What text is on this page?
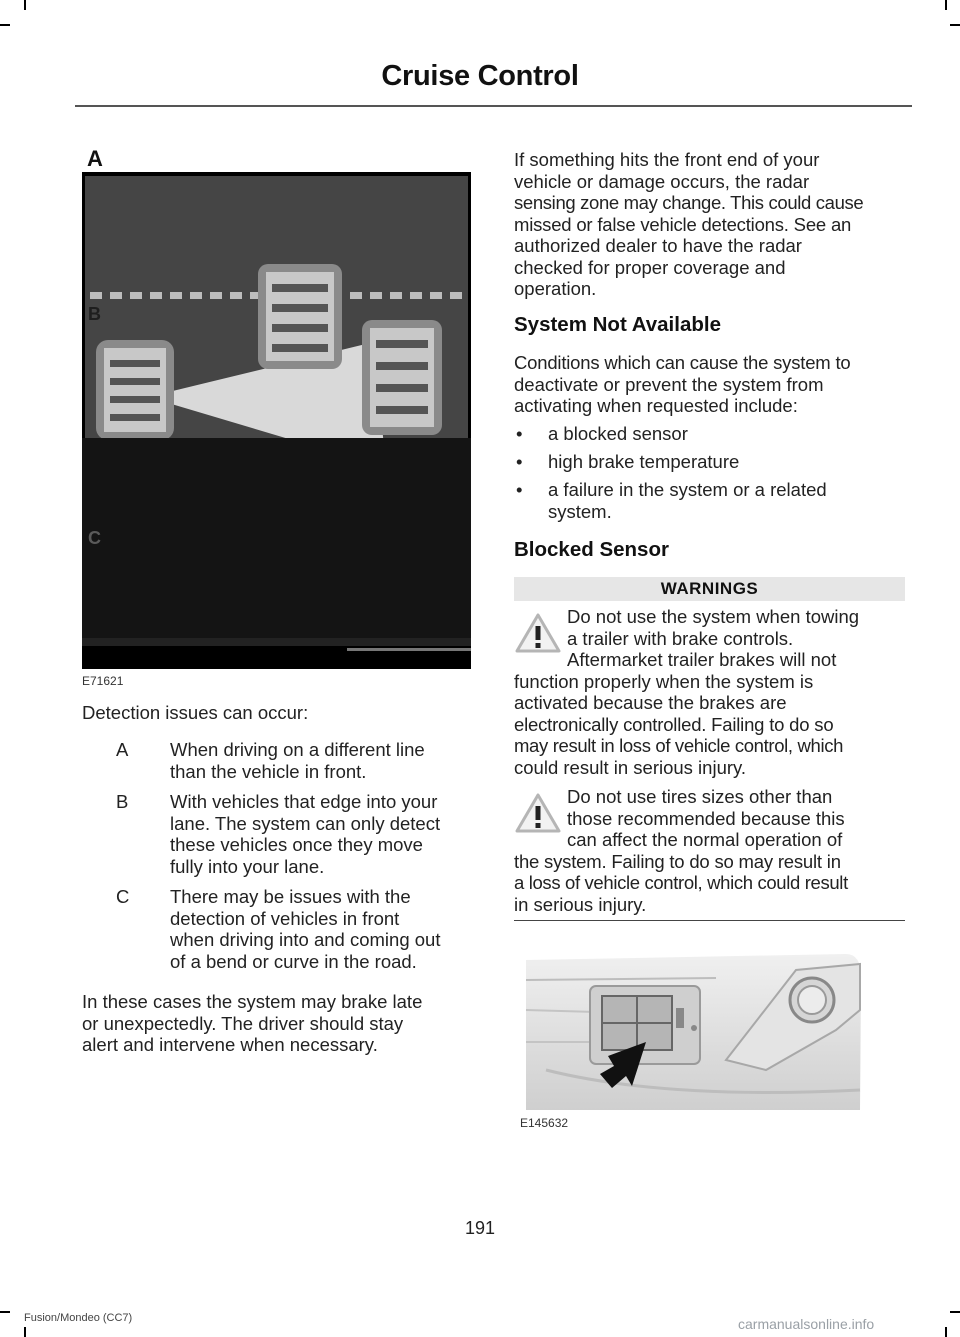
Cruise Control
A
B
C
E71621
Detection issues can occur:
A When driving on a different line
than the vehicle in front.
B With vehicles that edge into your
lane. The system can only detect
these vehicles once they move
fully into your lane.
C There may be issues with the
detection of vehicles in front
when driving into and coming out
of a bend or curve in the road.
In these cases the system may brake late
or unexpectedly. The driver should stay
alert and intervene when necessary.
If something hits the front end of your
vehicle or damage occurs, the radar
sensing zone may change. This could cause
missed or false vehicle detections. See an
authorized dealer to have the radar
checked for proper coverage and
operation.
System Not Available
Conditions which can cause the system to
deactivate or prevent the system from
activating when requested include:
• a blocked sensor
• high brake temperature
• a failure in the system or a related
system.
Blocked Sensor
WARNINGS
Do not use the system when towing
a trailer with brake controls.
Aftermarket trailer brakes will not
function properly when the system is
activated because the brakes are
electronically controlled. Failing to do so
may result in loss of vehicle control, which
could result in serious injury.
Do not use tires sizes other than
those recommended because this
can affect the normal operation of
the system. Failing to do so may result in
a loss of vehicle control, which could result
in serious injury.
E145632
191
Fusion/Mondeo (CC7)	carmanualsonline.info
